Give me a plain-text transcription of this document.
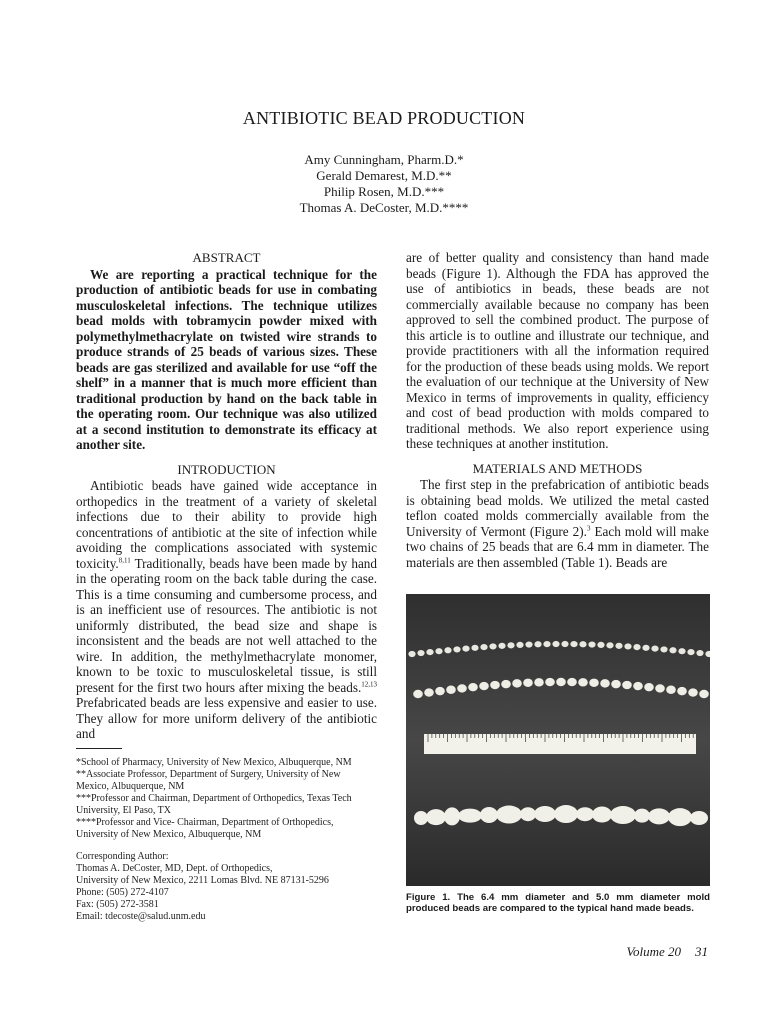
ANTIBIOTIC BEAD PRODUCTION
Amy Cunningham, Pharm.D.*
Gerald Demarest, M.D.**
Philip Rosen, M.D.***
Thomas A. DeCoster, M.D.****
ABSTRACT

We are reporting a practical technique for the production of antibiotic beads for use in combating musculoskeletal infections. The technique utilizes bead molds with tobramycin powder mixed with polymethylmethacrylate on twisted wire strands to produce strands of 25 beads of various sizes. These beads are gas sterilized and available for use “off the shelf” in a manner that is much more efficient than traditional production by hand on the back table in the operating room. Our technique was also utilized at a second institution to demonstrate its efficacy at another site.

INTRODUCTION

Antibiotic beads have gained wide acceptance in orthopedics in the treatment of a variety of skeletal infections due to their ability to provide high concentrations of antibiotic at the site of infection while avoiding the complications associated with systemic toxicity.$^{8,11}$ Traditionally, beads have been made by hand in the operating room on the back table during the case. This is a time consuming and cumbersome process, and is an inefficient use of resources. The antibiotic is not uniformly distributed, the bead size and shape is inconsistent and the beads are not well attached to the wire. In addition, the methylmethacrylate monomer, known to be toxic to musculoskeletal tissue, is still present for the first two hours after mixing the beads.$^{12,13}$ Prefabricated beads are less expensive and easier to use. They allow for more uniform delivery of the antibiotic and

are of better quality and consistency than hand made beads (Figure 1). Although the FDA has approved the use of antibiotics in beads, these beads are not commercially available because no company has been approved to sell the combined product. The purpose of this article is to outline and illustrate our technique, and provide practitioners with all the information required for the production of these beads using molds. We report the evaluation of our technique at the University of New Mexico in terms of improvements in quality, efficiency and cost of bead production with molds compared to traditional methods. We also report experience using these techniques at another institution.

MATERIALS AND METHODS

The first step in the prefabrication of antibiotic beads is obtaining bead molds. We utilized the metal casted teflon coated molds commercially available from the University of Vermont (Figure 2).$^3$ Each mold will make two chains of 25 beads that are 6.4 mm in diameter. The materials are then assembled (Table 1). Beads are

*School of Pharmacy, University of New Mexico, Albuquerque, NM
**Associate Professor, Department of Surgery, University of New Mexico, Albuquerque, NM
***Professor and Chairman, Department of Orthopedics, Texas Tech University, El Paso, TX
****Professor and Vice- Chairman, Department of Orthopedics, University of New Mexico, Albuquerque, NM
Corresponding Author:
Thomas A. DeCoster, MD, Dept. of Orthopedics,
University of New Mexico, 2211 Lomas Blvd. NE 87131-5296
Phone: (505) 272-4107
Fax: (505) 272-3581
Email: tdecoste@salud.unm.edu
Figure 1. The 6.4 mm diameter and 5.0 mm diameter mold produced beads are compared to the typical hand made beads.
Volume 20 31
